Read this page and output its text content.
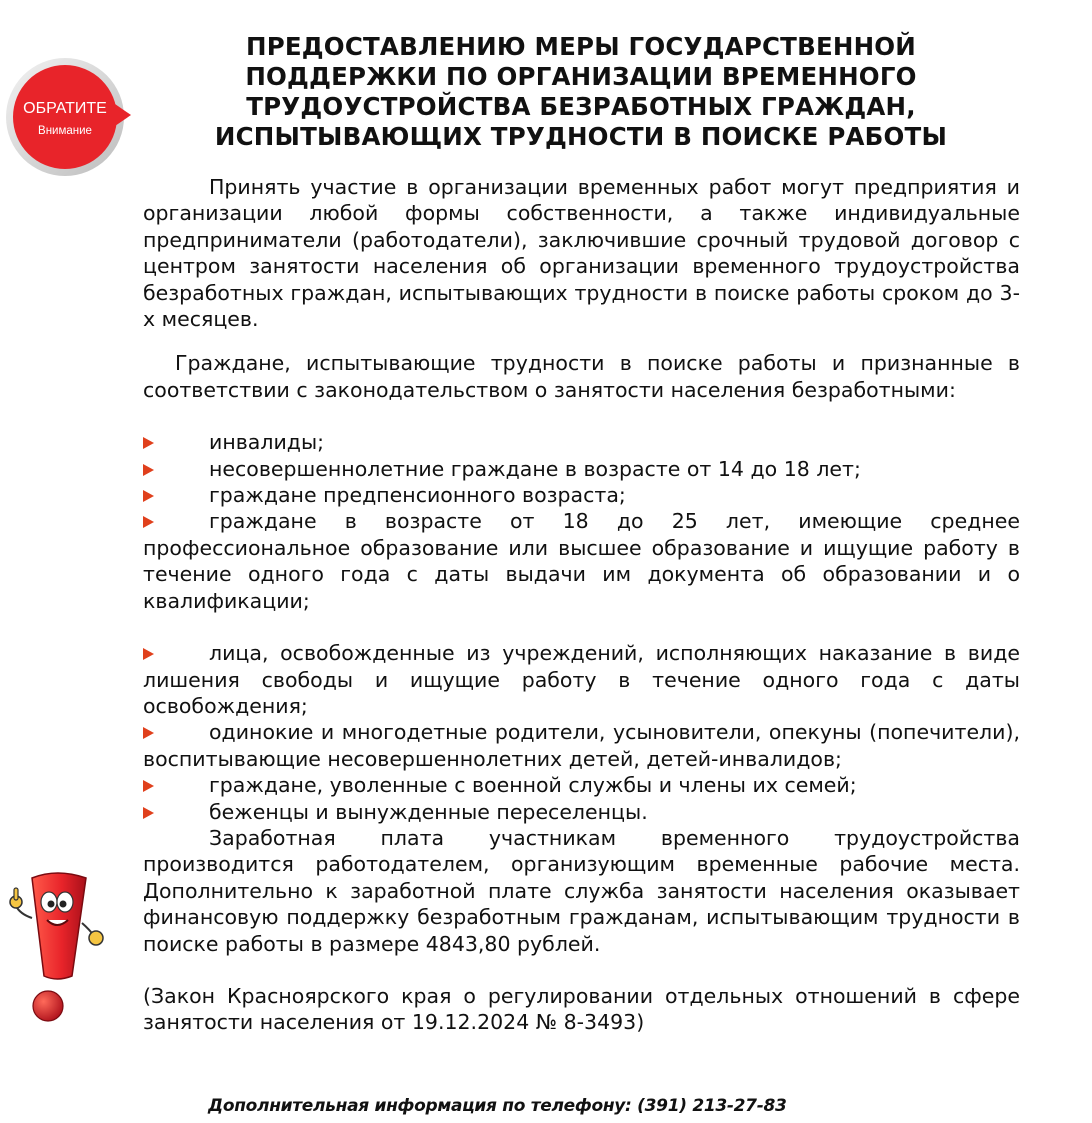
ПРЕДОСТАВЛЕНИЮ МЕРЫ ГОСУДАРСТВЕННОЙ ПОДДЕРЖКИ ПО ОРГАНИЗАЦИИ ВРЕМЕННОГО ТРУДОУСТРОЙСТВА БЕЗРАБОТНЫХ ГРАЖДАН, ИСПЫТЫВАЮЩИХ ТРУДНОСТИ В ПОИСКЕ РАБОТЫ
ОБРАТИТЕ
Внимание

Принять участие в организации временных работ могут предприятия и организации любой формы собственности, а также индивидуальные предприниматели (работодатели), заключившие срочный трудовой договор с центром занятости населения об организации временного трудоустройства безработных граждан, испытывающих трудности в поиске работы сроком до 3-х месяцев.

Граждане, испытывающие трудности в поиске работы и признанные в соответствии с законодательством о занятости населения безработными:

инвалиды;
несовершеннолетние граждане в возрасте от 14 до 18 лет;
граждане предпенсионного возраста;
граждане в возрасте от 18 до 25 лет, имеющие среднее профессиональное образование или высшее образование и ищущие работу в течение одного года с даты выдачи им документа об образовании и о квалификации;
лица, освобожденные из учреждений, исполняющих наказание в виде лишения свободы и ищущие работу в течение одного года с даты освобождения;
одинокие и многодетные родители, усыновители, опекуны (попечители), воспитывающие несовершеннолетних детей, детей-инвалидов;
граждане, уволенные с военной службы и члены их семей;
беженцы и вынужденные переселенцы.

Заработная плата участникам временного трудоустройства производится работодателем, организующим временные рабочие места. Дополнительно к заработной плате служба занятости населения оказывает финансовую поддержку безработным гражданам, испытывающим трудности в поиске работы в размере 4843,80 рублей.

(Закон Красноярского края о регулировании отдельных отношений в сфере занятости населения от 19.12.2024 № 8-3493)

Дополнительная информация по телефону: (391) 213-27-83
